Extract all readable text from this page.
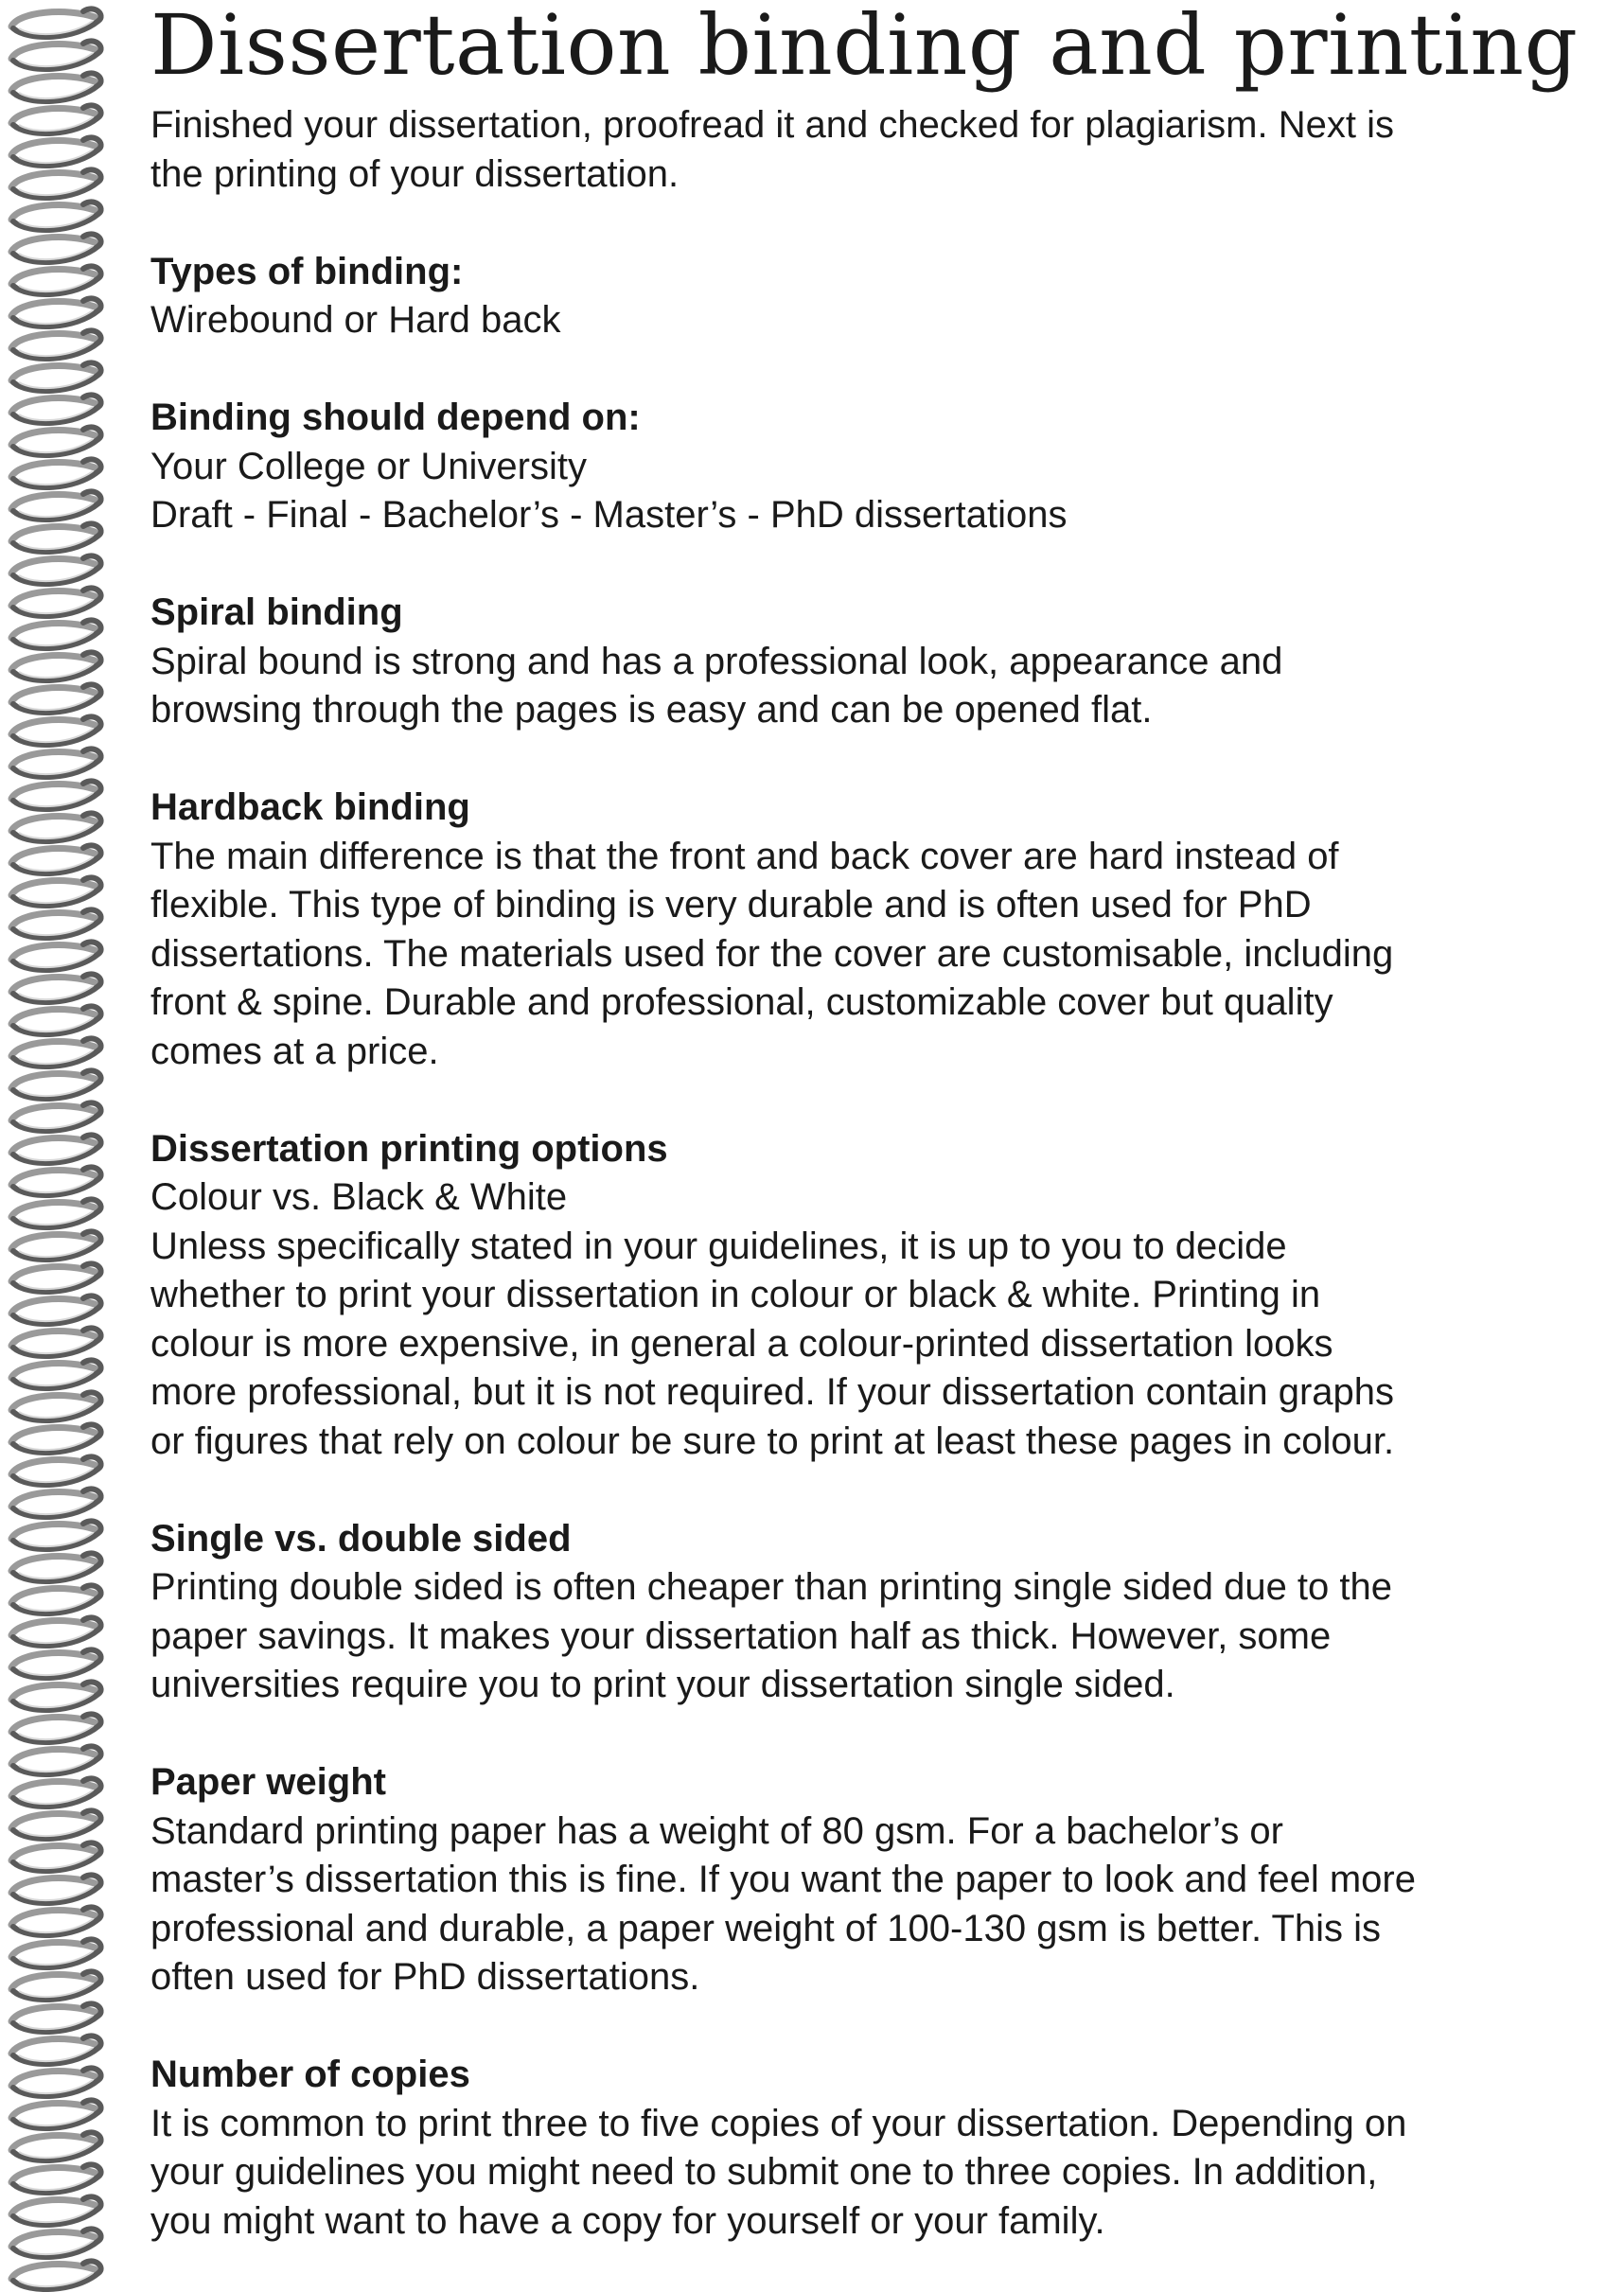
Dissertation binding and printing
Finished your dissertation, proofread it and checked for plagiarism. Next is
the printing of your dissertation.
Types of binding:
Wirebound or Hard back
Binding should depend on:
Your College or University
Draft - Final - Bachelor’s - Master’s - PhD dissertations
Spiral binding
Spiral bound is strong and has a professional look, appearance and
browsing through the pages is easy and can be opened flat.
Hardback binding
The main difference is that the front and back cover are hard instead of
flexible. This type of binding is very durable and is often used for PhD
dissertations. The materials used for the cover are customisable, including
front & spine. Durable and professional, customizable cover but quality
comes at a price.
Dissertation printing options
Colour vs. Black & White
Unless specifically stated in your guidelines, it is up to you to decide
whether to print your dissertation in colour or black & white. Printing in
colour is more expensive, in general a colour-printed dissertation looks
more professional, but it is not required. If your dissertation contain graphs
or figures that rely on colour be sure to print at least these pages in colour.
Single vs. double sided
Printing double sided is often cheaper than printing single sided due to the
paper savings. It makes your dissertation half as thick. However, some
universities require you to print your dissertation single sided.
Paper weight
Standard printing paper has a weight of 80 gsm. For a bachelor’s or
master’s dissertation this is fine. If you want the paper to look and feel more
professional and durable, a paper weight of 100-130 gsm is better. This is
often used for PhD dissertations.
Number of copies
It is common to print three to five copies of your dissertation. Depending on
your guidelines you might need to submit one to three copies. In addition,
you might want to have a copy for yourself or your family.
